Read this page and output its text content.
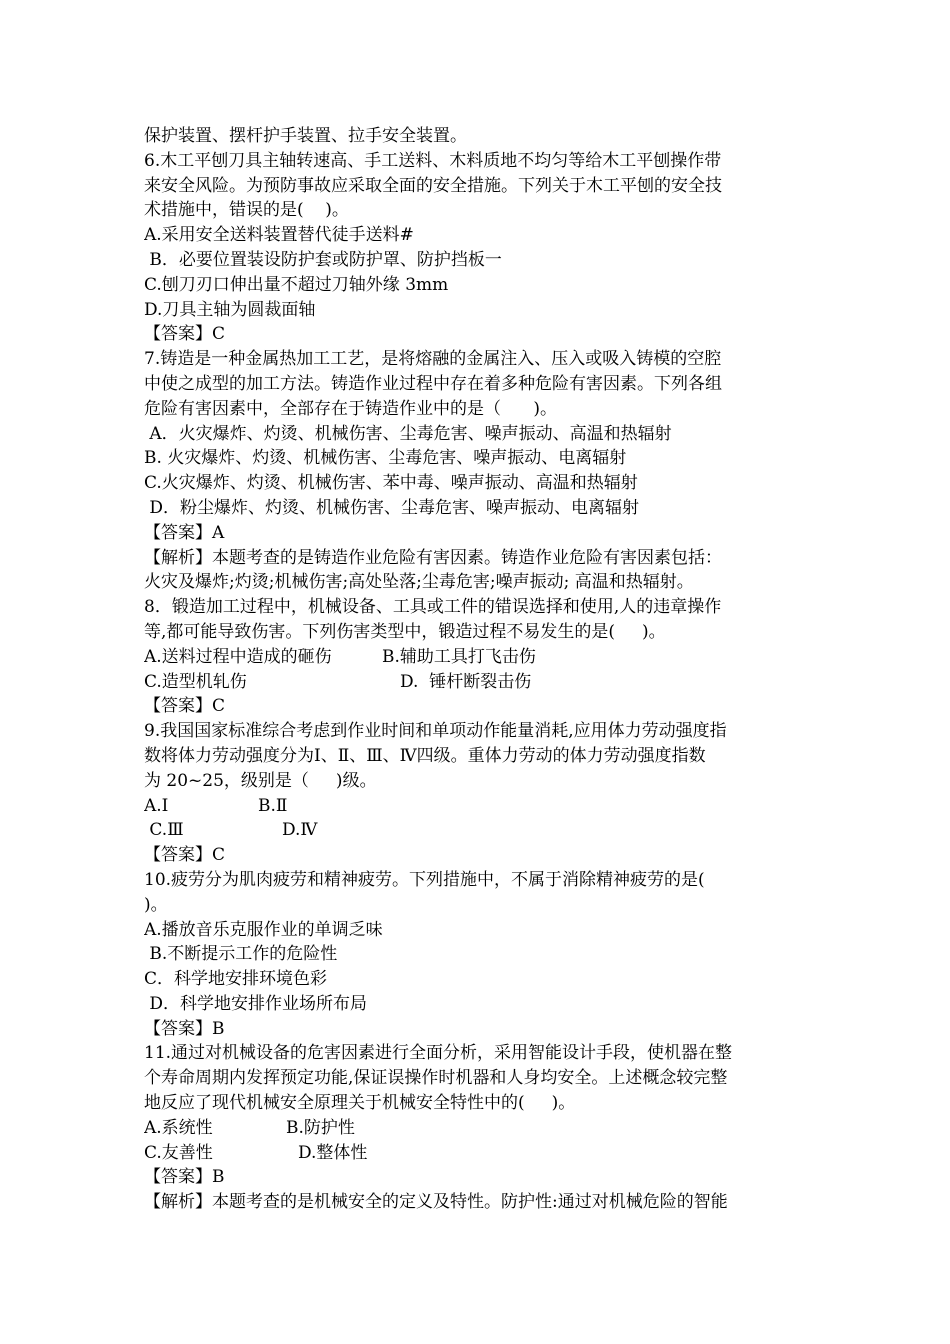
保护装置、摆杆护手装置、拉手安全装置。
6.木工平刨刀具主轴转速高、手工送料、木料质地不均匀等给木工平刨操作带
来安全风险。为预防事故应采取全面的安全措施。下列关于木工平刨的安全技
术措施中，错误的是(    )。
A.采用安全送料装置替代徒手送料#
B．必要位置装设防护套或防护罩、防护挡板一
C.刨刀刃口伸出量不超过刀轴外缘 3mm
D.刀具主轴为圆裁面轴
【答案】C
7.铸造是一种金属热加工工艺，是将熔融的金属注入、压入或吸入铸模的空腔
中使之成型的加工方法。铸造作业过程中存在着多种危险有害因素。下列各组
危险有害因素中，全部存在于铸造作业中的是（      )。
A．火灾爆炸、灼烫、机械伤害、尘毒危害、噪声振动、高温和热辐射
B. 火灾爆炸、灼烫、机械伤害、尘毒危害、噪声振动、电离辐射
C.火灾爆炸、灼烫、机械伤害、苯中毒、噪声振动、高温和热辐射
D．粉尘爆炸、灼烫、机械伤害、尘毒危害、噪声振动、电离辐射
【答案】A
【解析】本题考查的是铸造作业危险有害因素。铸造作业危险有害因素包括：
火灾及爆炸;灼烫;机械伤害;高处坠落;尘毒危害;噪声振动; 高温和热辐射。
8．锻造加工过程中，机械设备、工具或工件的错误选择和使用,人的违章操作
等,都可能导致伤害。下列伤害类型中，锻造过程不易发生的是(     )。

A.送料过程中造成的砸伤

	B.辅助工具打飞击伤

C.造型机轧伤

	D.  锤杆断裂击伤

【答案】C
9.我国国家标准综合考虑到作业时间和单项动作能量消耗,应用体力劳动强度指
数将体力劳动强度分为Ⅰ、Ⅱ、Ⅲ、Ⅳ四级。重体力劳动的体力劳动强度指数
为 20~25，级别是（     )级。

A.Ⅰ

	B.Ⅱ

C.Ⅲ

	D.Ⅳ

【答案】C
10.疲劳分为肌肉疲劳和精神疲劳。下列措施中，不属于消除精神疲劳的是(
)。
A.播放音乐克服作业的单调乏味
B.不断提示工作的危险性
C．科学地安排环境色彩
D．科学地安排作业场所布局
【答案】B
11.通过对机械设备的危害因素进行全面分析，采用智能设计手段，使机器在整
个寿命周期内发挥预定功能,保证误操作时机器和人身均安全。上述概念较完整
地反应了现代机械安全原理关于机械安全特性中的(     )。

A.系统性

	B.防护性

C.友善性

	D.整体性

【答案】B
【解析】本题考查的是机械安全的定义及特性。防护性:通过对机械危险的智能
